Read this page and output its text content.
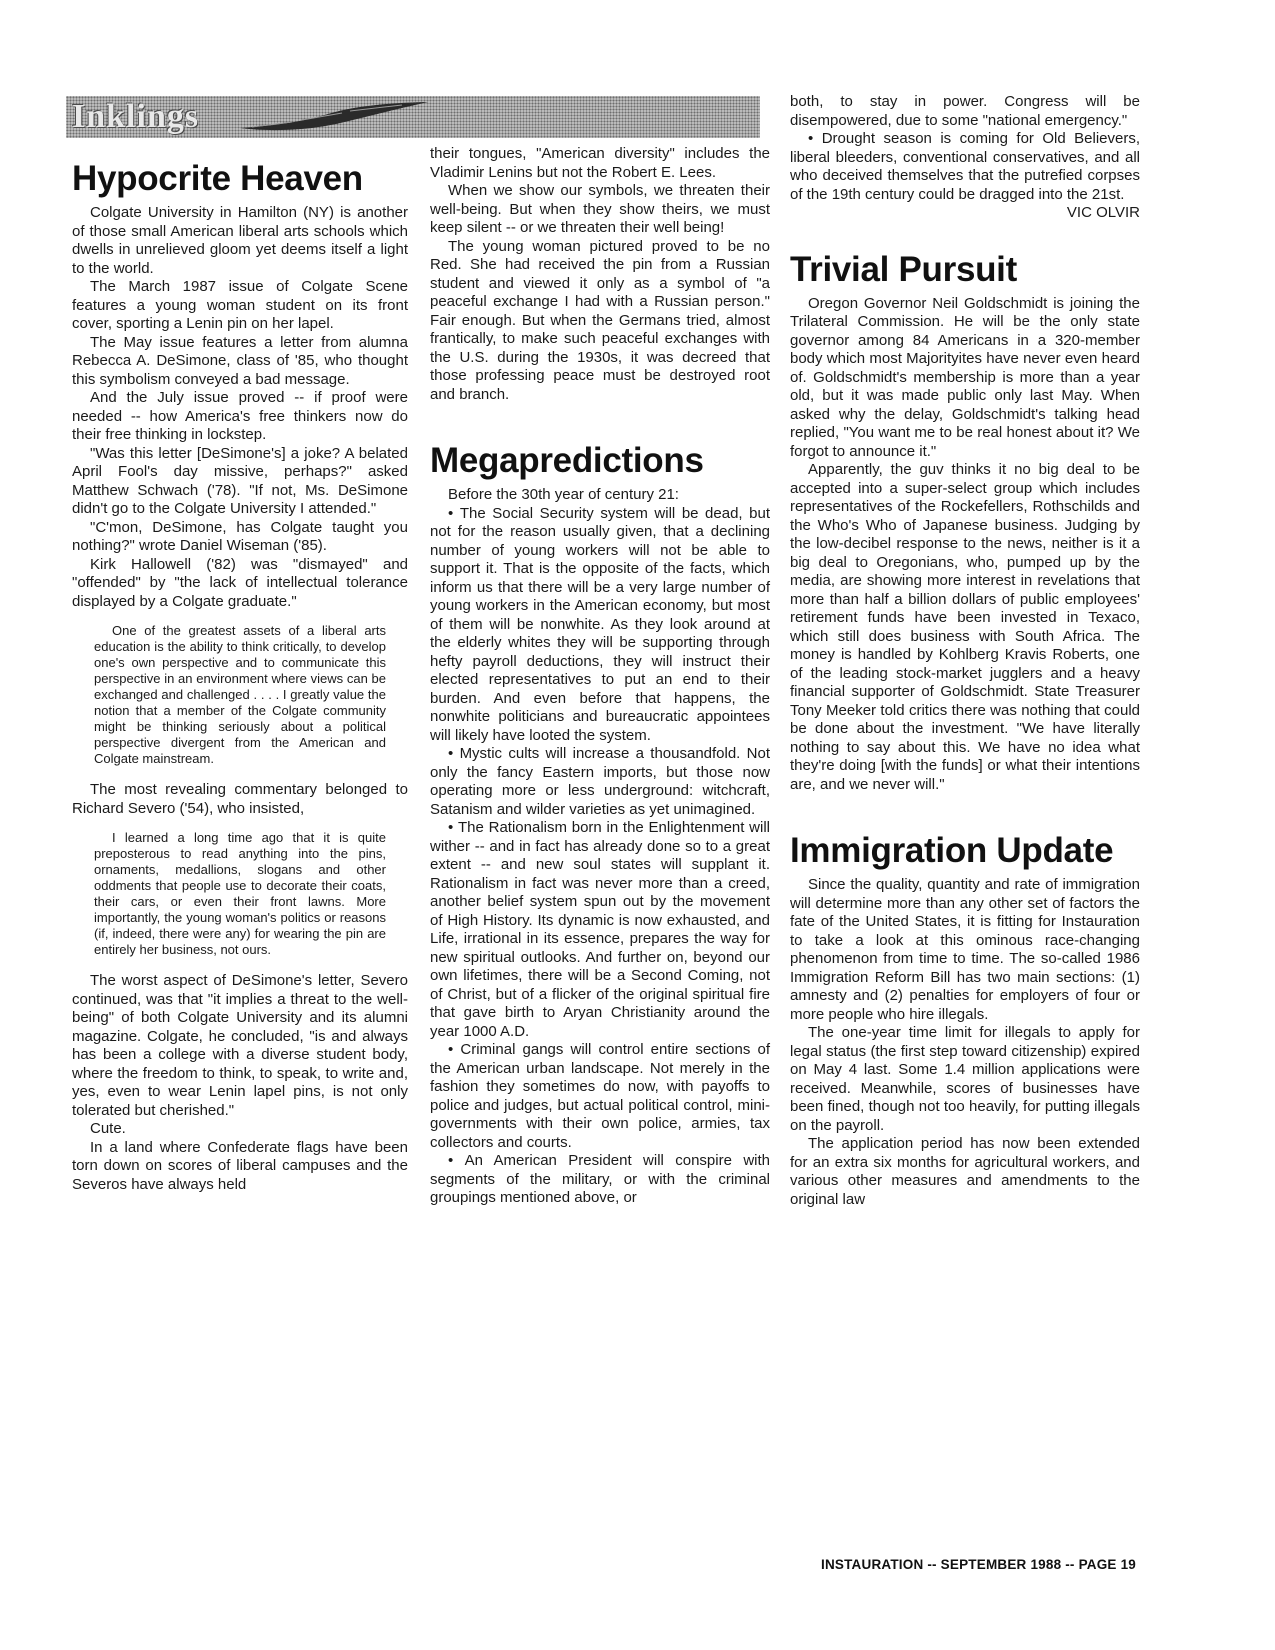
Inklings
Hypocrite Heaven

Colgate University in Hamilton (NY) is another of those small American liberal arts schools which dwells in unrelieved gloom yet deems itself a light to the world.

The March 1987 issue of Colgate Scene features a young woman student on its front cover, sporting a Lenin pin on her lapel.

The May issue features a letter from alumna Rebecca A. DeSimone, class of '85, who thought this symbolism conveyed a bad message.

And the July issue proved -- if proof were needed -- how America's free thinkers now do their free thinking in lockstep.

"Was this letter [DeSimone's] a joke? A belated April Fool's day missive, perhaps?" asked Matthew Schwach ('78). "If not, Ms. DeSimone didn't go to the Colgate University I attended."

"C'mon, DeSimone, has Colgate taught you nothing?" wrote Daniel Wiseman ('85).

Kirk Hallowell ('82) was "dismayed" and "offended" by "the lack of intellectual tolerance displayed by a Colgate graduate."

One of the greatest assets of a liberal arts education is the ability to think critically, to develop one's own perspective and to communicate this perspective in an environment where views can be exchanged and challenged . . . . I greatly value the notion that a member of the Colgate community might be thinking seriously about a political perspective divergent from the American and Colgate mainstream.

The most revealing commentary belonged to Richard Severo ('54), who insisted,

I learned a long time ago that it is quite preposterous to read anything into the pins, ornaments, medallions, slogans and other oddments that people use to decorate their coats, their cars, or even their front lawns. More importantly, the young woman's politics or reasons (if, indeed, there were any) for wearing the pin are entirely her business, not ours.

The worst aspect of DeSimone's letter, Severo continued, was that "it implies a threat to the well-being" of both Colgate University and its alumni magazine. Colgate, he concluded, "is and always has been a college with a diverse student body, where the freedom to think, to speak, to write and, yes, even to wear Lenin lapel pins, is not only tolerated but cherished."

Cute.

In a land where Confederate flags have been torn down on scores of liberal campuses and the Severos have always held

their tongues, "American diversity" includes the Vladimir Lenins but not the Robert E. Lees.

When we show our symbols, we threaten their well-being. But when they show theirs, we must keep silent -- or we threaten their well being!

The young woman pictured proved to be no Red. She had received the pin from a Russian student and viewed it only as a symbol of "a peaceful exchange I had with a Russian person." Fair enough. But when the Germans tried, almost frantically, to make such peaceful exchanges with the U.S. during the 1930s, it was decreed that those professing peace must be destroyed root and branch.

Megapredictions

Before the 30th year of century 21:

• The Social Security system will be dead, but not for the reason usually given, that a declining number of young workers will not be able to support it. That is the opposite of the facts, which inform us that there will be a very large number of young workers in the American economy, but most of them will be nonwhite. As they look around at the elderly whites they will be supporting through hefty payroll deductions, they will instruct their elected representatives to put an end to their burden. And even before that happens, the nonwhite politicians and bureaucratic appointees will likely have looted the system.

• Mystic cults will increase a thousandfold. Not only the fancy Eastern imports, but those now operating more or less underground: witchcraft, Satanism and wilder varieties as yet unimagined.

• The Rationalism born in the Enlightenment will wither -- and in fact has already done so to a great extent -- and new soul states will supplant it. Rationalism in fact was never more than a creed, another belief system spun out by the movement of High History. Its dynamic is now exhausted, and Life, irrational in its essence, prepares the way for new spiritual outlooks. And further on, beyond our own lifetimes, there will be a Second Coming, not of Christ, but of a flicker of the original spiritual fire that gave birth to Aryan Christianity around the year 1000 A.D.

• Criminal gangs will control entire sections of the American urban landscape. Not merely in the fashion they sometimes do now, with payoffs to police and judges, but actual political control, mini-governments with their own police, armies, tax collectors and courts.

• An American President will conspire with segments of the military, or with the criminal groupings mentioned above, or

both, to stay in power. Congress will be disempowered, due to some "national emergency."

• Drought season is coming for Old Believers, liberal bleeders, conventional conservatives, and all who deceived themselves that the putrefied corpses of the 19th century could be dragged into the 21st.

VIC OLVIR

Trivial Pursuit

Oregon Governor Neil Goldschmidt is joining the Trilateral Commission. He will be the only state governor among 84 Americans in a 320-member body which most Majorityites have never even heard of. Goldschmidt's membership is more than a year old, but it was made public only last May. When asked why the delay, Goldschmidt's talking head replied, "You want me to be real honest about it? We forgot to announce it."

Apparently, the guv thinks it no big deal to be accepted into a super-select group which includes representatives of the Rockefellers, Rothschilds and the Who's Who of Japanese business. Judging by the low-decibel response to the news, neither is it a big deal to Oregonians, who, pumped up by the media, are showing more interest in revelations that more than half a billion dollars of public employees' retirement funds have been invested in Texaco, which still does business with South Africa. The money is handled by Kohlberg Kravis Roberts, one of the leading stock-market jugglers and a heavy financial supporter of Goldschmidt. State Treasurer Tony Meeker told critics there was nothing that could be done about the investment. "We have literally nothing to say about this. We have no idea what they're doing [with the funds] or what their intentions are, and we never will."

Immigration Update

Since the quality, quantity and rate of immigration will determine more than any other set of factors the fate of the United States, it is fitting for Instauration to take a look at this ominous race-changing phenomenon from time to time. The so-called 1986 Immigration Reform Bill has two main sections: (1) amnesty and (2) penalties for employers of four or more people who hire illegals.

The one-year time limit for illegals to apply for legal status (the first step toward citizenship) expired on May 4 last. Some 1.4 million applications were received. Meanwhile, scores of businesses have been fined, though not too heavily, for putting illegals on the payroll.

The application period has now been extended for an extra six months for agricultural workers, and various other measures and amendments to the original law

INSTAURATION -- SEPTEMBER 1988 -- PAGE 19
